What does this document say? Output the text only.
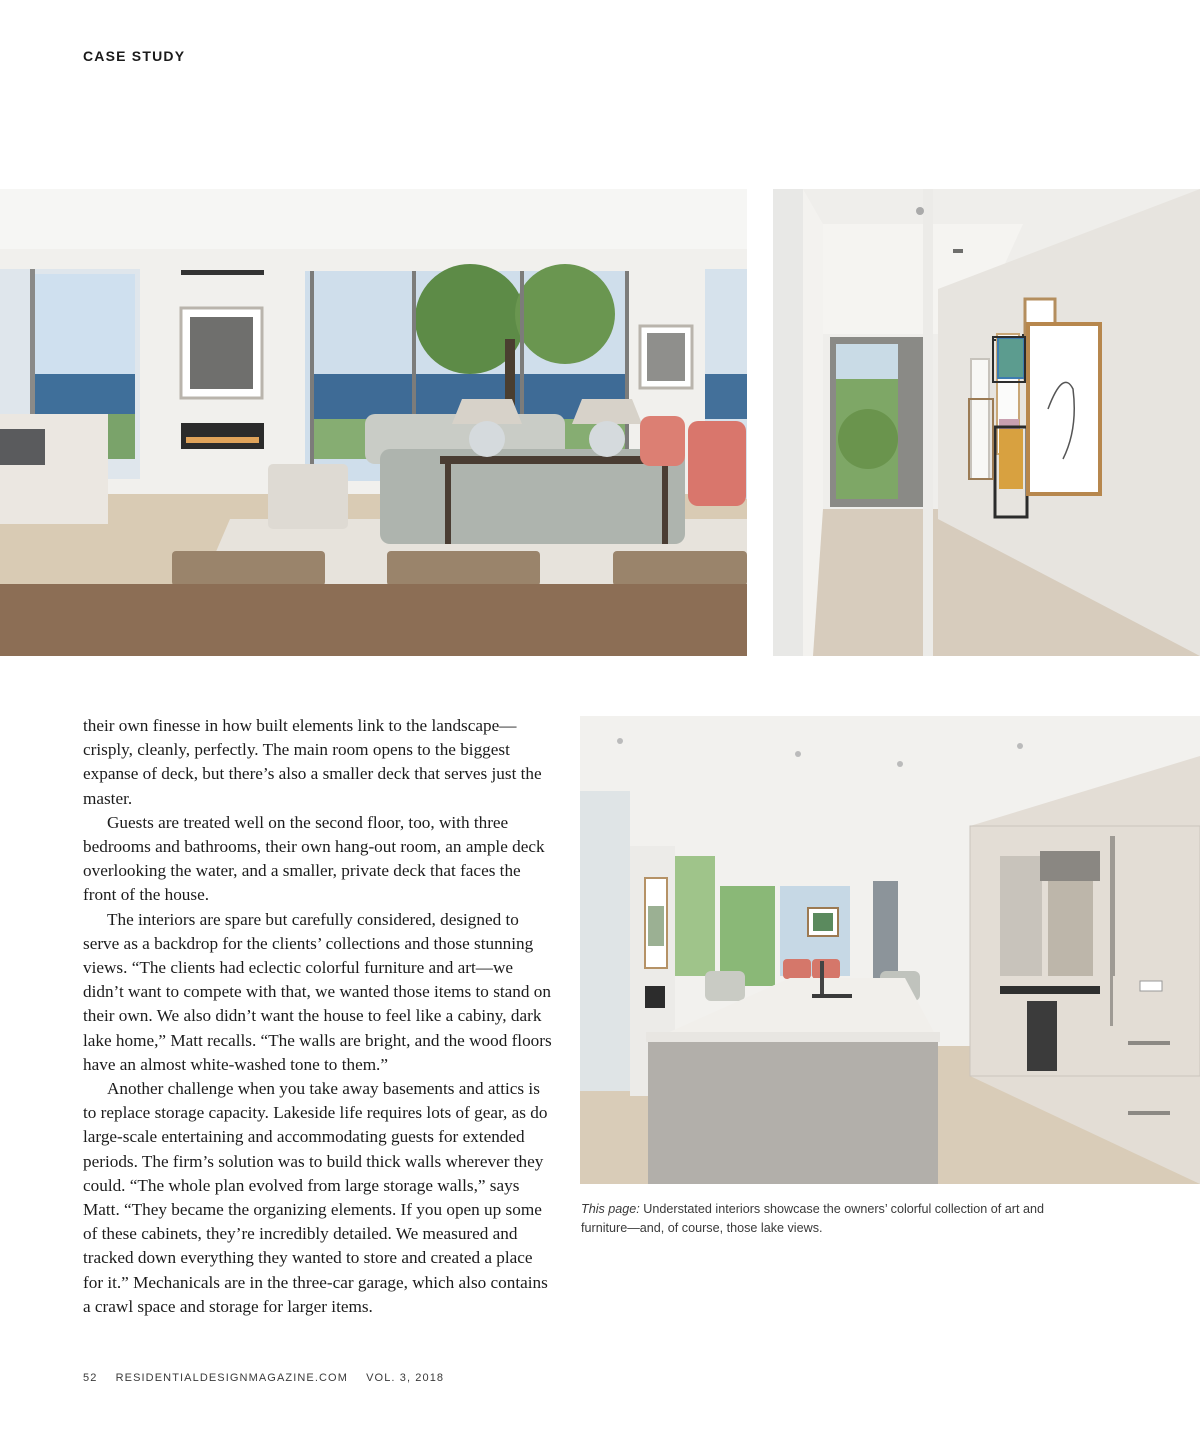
CASE STUDY

their own finesse in how built elements link to the landscape—crisply, cleanly, perfectly. The main room opens to the biggest expanse of deck, but there’s also a smaller deck that serves just the master.

Guests are treated well on the second floor, too, with three bedrooms and bathrooms, their own hang-out room, an ample deck overlooking the water, and a smaller, private deck that faces the front of the house.

The interiors are spare but carefully considered, designed to serve as a backdrop for the clients’ collections and those stunning views. “The clients had eclectic colorful furniture and art—we didn’t want to compete with that, we wanted those items to stand on their own. We also didn’t want the house to feel like a cabiny, dark lake home,” Matt recalls. “The walls are bright, and the wood floors have an almost white-washed tone to them.”

Another challenge when you take away basements and attics is to replace storage capacity. Lakeside life requires lots of gear, as do large-scale entertaining and accommodating guests for extended periods. The firm’s solution was to build thick walls wherever they could. “The whole plan evolved from large storage walls,” says Matt. “They became the organizing elements. If you open up some of these cabinets, they’re incredibly detailed. We measured and tracked down everything they wanted to store and created a place for it.” Mechanicals are in the three-car garage, which also contains a crawl space and storage for larger items.

This page: Understated interiors showcase the owners’ colorful collection of art and furniture—and, of course, those lake views.
52 RESIDENTIALDESIGNMAGAZINE.COM VOL. 3, 2018
